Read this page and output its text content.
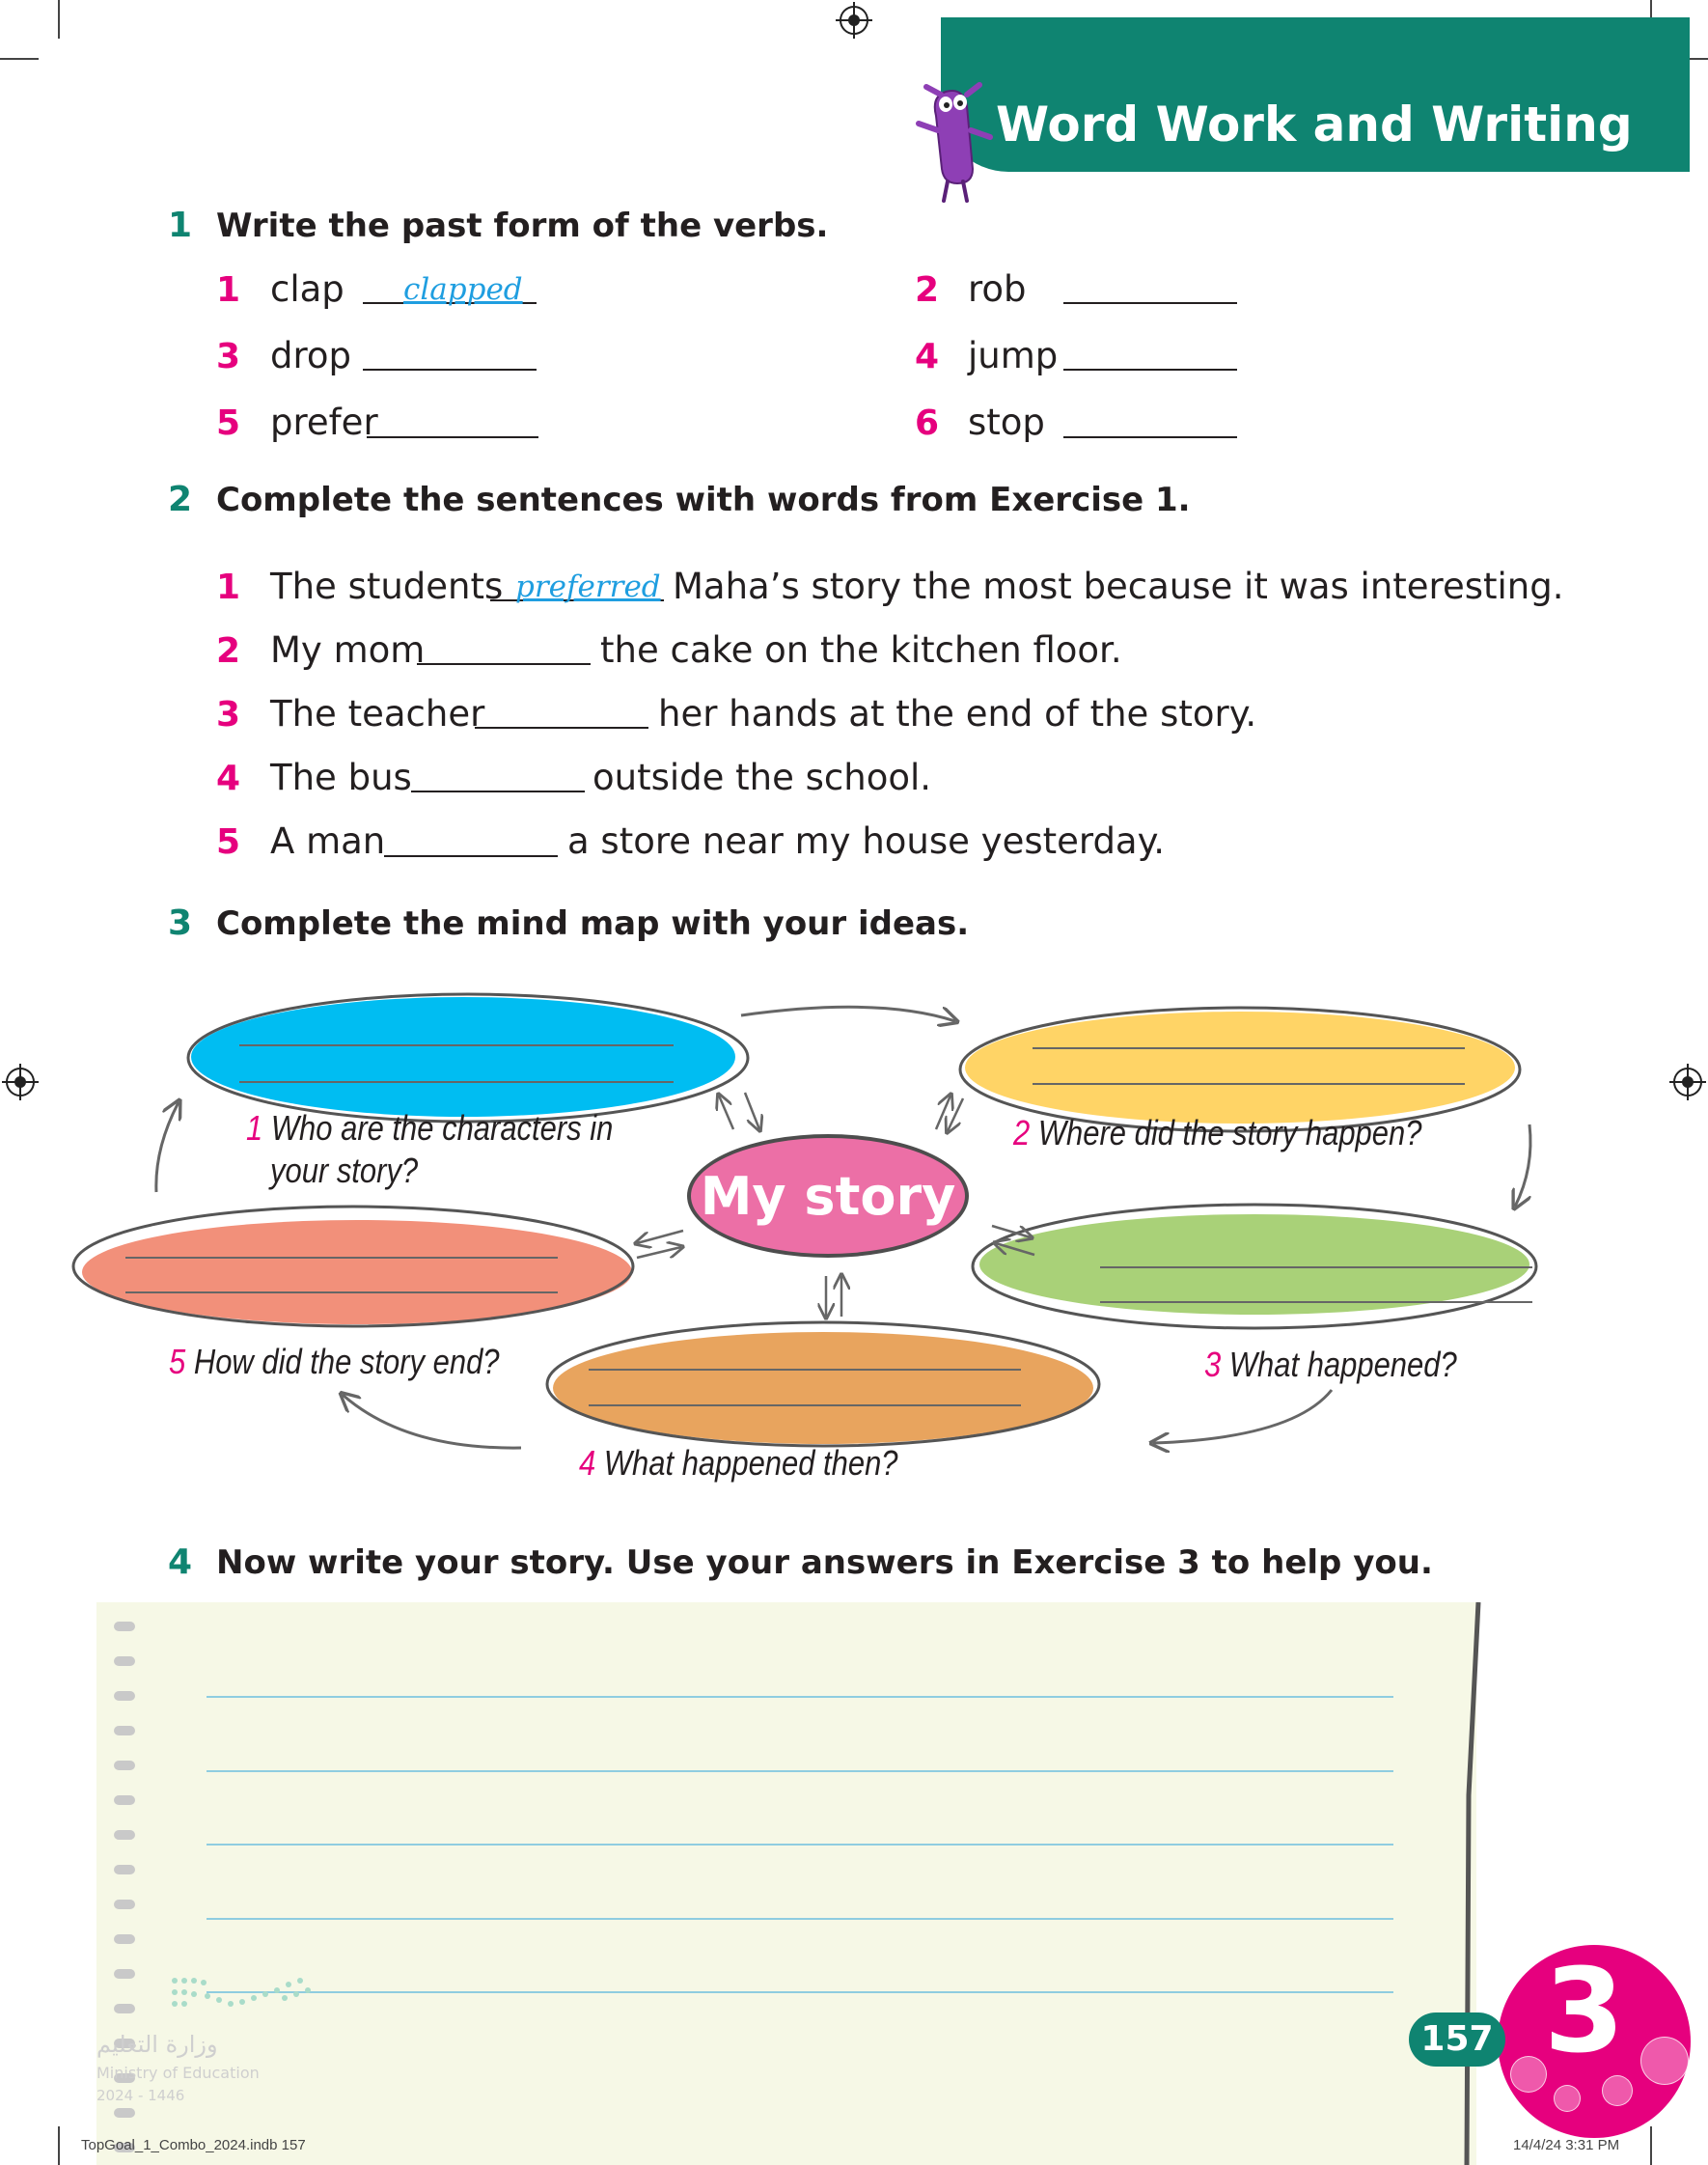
Word Work and Writing
1 Write the past form of the verbs.
1 clap clapped	2 rob
3 drop	4 jump
5 prefer	6 stop
2 Complete the sentences with words from Exercise 1.
1 The students preferred Maha’s story the most because it was interesting.
2 My mom	the cake on the kitchen floor.
3 The teacher	her hands at the end of the story.
4 The bus	outside the school.
5 A man	a store near my house yesterday.
3 Complete the mind map with your ideas.
My story
1 Who are the characters in
your story?
2 Where did the story happen?
3 What happened?
4 What happened then?
5 How did the story end?
4 Now write your story. Use your answers in Exercise 3 to help you.
وزارة التعليم
Ministry of Education
2024 - 1446
3
157
TopGoal_1_Combo_2024.indb 157	14/4/24 3:31 PM
